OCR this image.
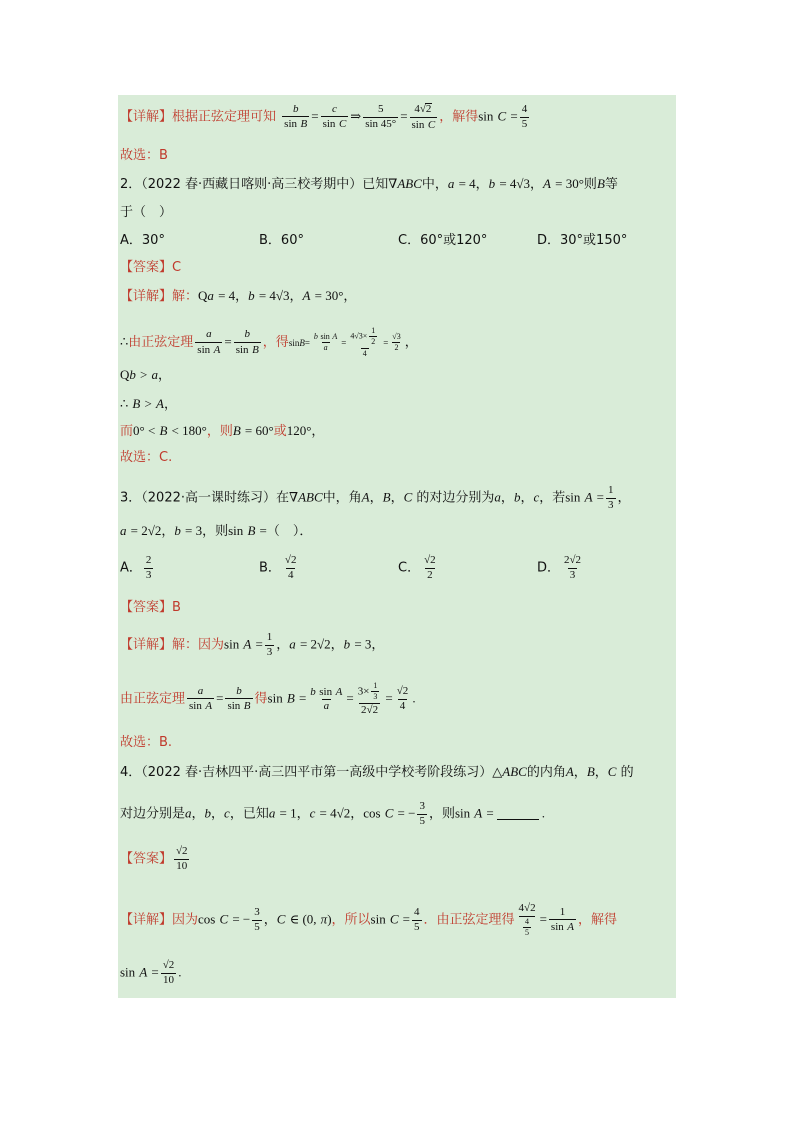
【详解】根据正弦定理可知 $\frac{b}{\text{sin B}} = \frac{c}{\text{sin C}}$ ⇒ $\frac{5}{\sin 45^\circ} = \frac{4√2}{\text{sin C}}$ ，解得$\sin C = \frac{4}{5}$
故选：B
2．（2022 春·西藏日喀则·高三校考期中）已知∇ABC中，a = 4，b = 4√3，A = 30°则B等
于（　）
A．30°	B．60°	C．60°或120°	D．30°或150°
【答案】C
【详解】解：Qa = 4，b = 4√3，A = 30°，
∴由正弦定理 $\frac{a}{\text{sin A}} = \frac{b}{\text{sin B}}$ ，得$\sin B= \frac{\text{b sin A}}{a} = \frac{4√3\times \frac{1}{2}}{4} = \frac{√3}{2}$ ，
Qb > a，
∴ B > A，
而0° < B < 180°，则B = 60°或120°，
故选：C.
3．（2022·高一课时练习）在∇ABC中，角A，B，C 的对边分别为a，b，c，若$\sin A = \frac{1}{3}$ ，
a = 2√2，b = 3，则sin B =（　）．
A． $\frac{2}{3}$	B． $\frac{√2}{4}$	C． $\frac{√2}{2}$	D． $\frac{2√2}{3}$
【答案】B
【详解】解：因为$\sin A = \frac{1}{3}$ ，a = 2√2，b = 3，
由正弦定理 $\frac{a}{\text{sin A}} = \frac{b}{\text{sin B}}$ 得$\sin B = \frac{\text{b sin A}}{a} = \frac{3\times \frac{1}{3}}{2√2} = \frac{√2}{4}$ .
故选：B.
4．（2022 春·吉林四平·高三四平市第一高级中学校考阶段练习）△ABC的内角A，B，C 的
对边分别是a，b，c，已知a = 1，c = 4√2，cos C = − $\frac{3}{5}$ ，则sin A =	.
【答案】 $\frac{√2}{10}$
【详解】因为cos C = − $\frac{3}{5}$ ，C ∈ (0, π)，所以$\sin C = \frac{4}{5}$ ．由正弦定理得 $\frac{4√2}{\frac{4}{5}} = \frac{1}{\text{sin A}}$ ，解得
$\sin A = \frac{√2}{10}$ .
